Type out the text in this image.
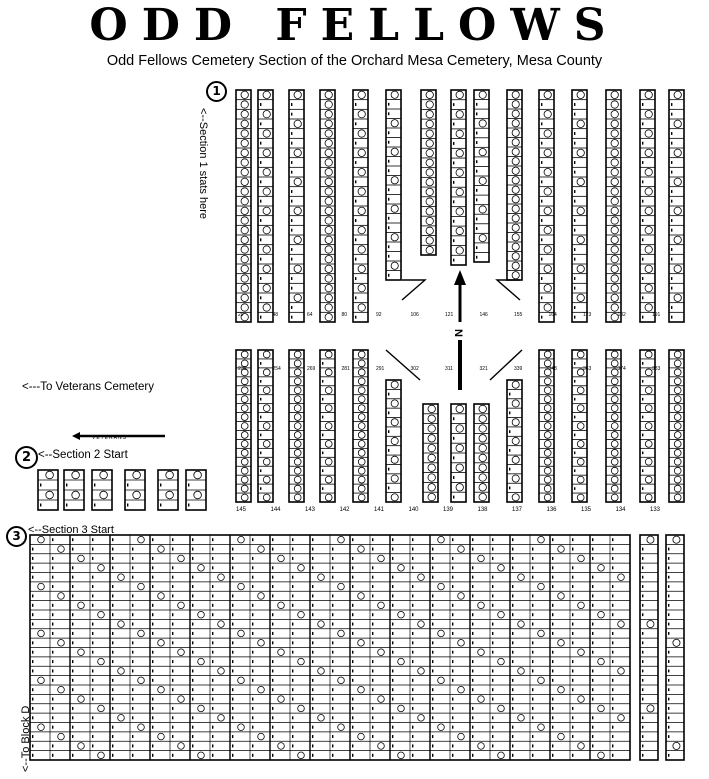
ODD FELLOWS
Odd Fellows Cemetery Section of the Orchard Mesa Cemetery, Mesa County
1
<--Section 1 stats here
<---To Veterans Cemetery
2 <--Section 2 Start
3 <--Section 3 Start
<--To Block D
VETERANS
N
145	144	143	142	141	140	139	138	137	136	135	134	133
29	48	64	80	92	106	121	146	155	164	173	182	191
236	254	269	281	291	302	311	321	339	348	363	374	383
